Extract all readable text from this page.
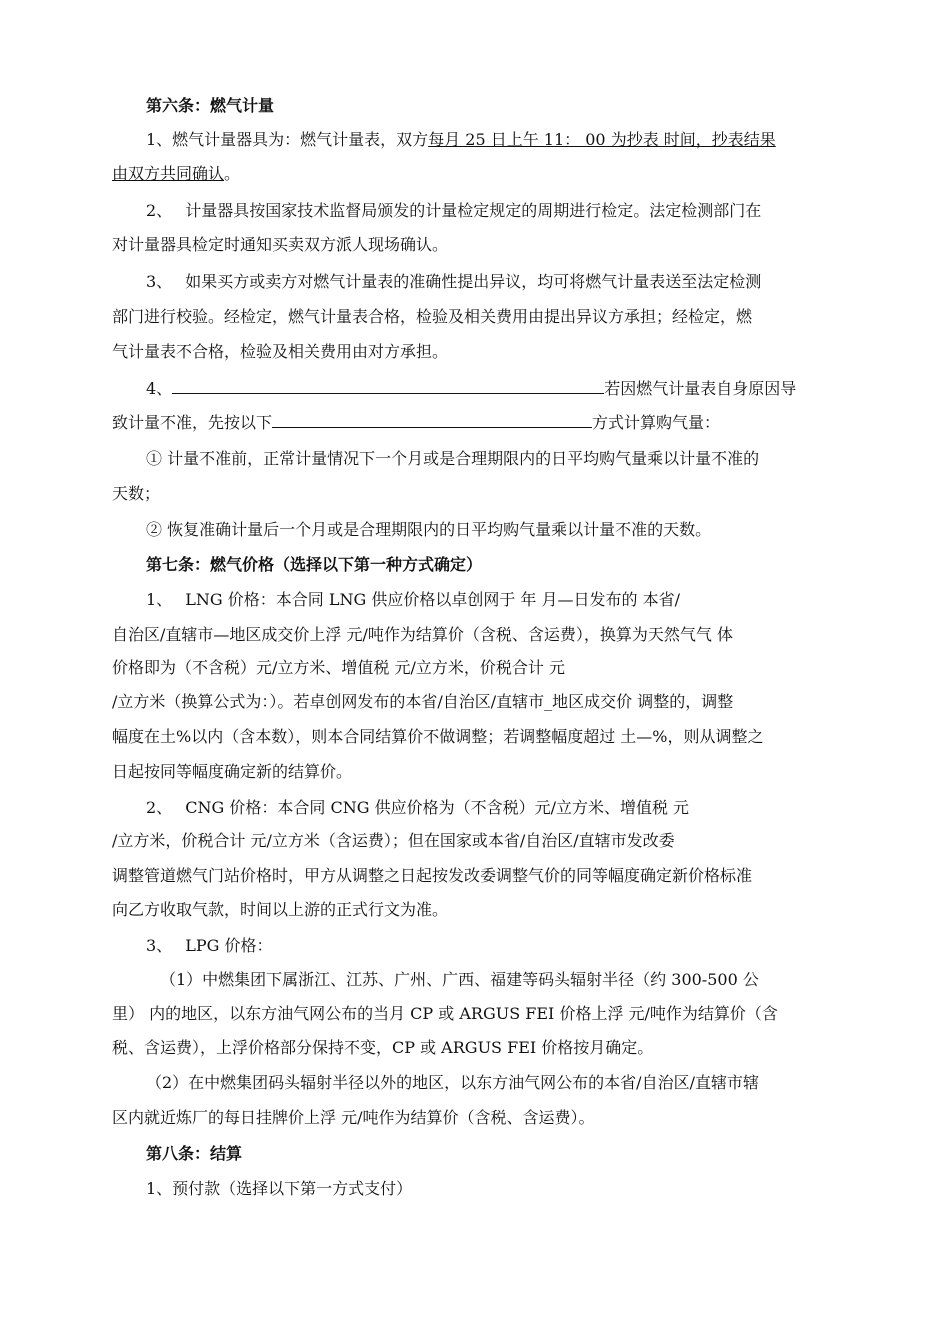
第六条：燃气计量
1、燃气计量器具为：燃气计量表，双方每月 25 日上午 11： 00 为抄表 时间，抄表结果
由双方共同确认。
2、　 计量器具按国家技术监督局颁发的计量检定规定的周期进行检定。法定检测部门在
对计量器具检定时通知买卖双方派人现场确认。
3、　 如果买方或卖方对燃气计量表的准确性提出异议，均可将燃气计量表送至法定检测
部门进行校验。经检定，燃气计量表合格，检验及相关费用由提出异议方承担；经检定，燃
气计量表不合格，检验及相关费用由对方承担。
4、	若因燃气计量表自身原因导
致计量不准，先按以下	方式计算购气量：
① 计量不准前，正常计量情况下一个月或是合理期限内的日平均购气量乘以计量不准的
天数；
② 恢复准确计量后一个月或是合理期限内的日平均购气量乘以计量不准的天数。
第七条：燃气价格（选择以下第一种方式确定）
1、　 LNG 价格：本合同 LNG 供应价格以卓创网于 年 月—日发布的 本省/
自治区/直辖市—地区成交价上浮 元/吨作为结算价（含税、含运费），换算为天然气气 体
价格即为（不含税）元/立方米、增值税 元/立方米，价税合计 元
/立方米（换算公式为：）。若卓创网发布的本省/自治区/直辖市_地区成交价 调整的，调整
幅度在土%以内（含本数），则本合同结算价不做调整；若调整幅度超过 土—%，则从调整之
日起按同等幅度确定新的结算价。
2、　 CNG 价格：本合同 CNG 供应价格为（不含税）元/立方米、增值税 元
/立方米，价税合计 元/立方米（含运费）；但在国家或本省/自治区/直辖市发改委
调整管道燃气门站价格时，甲方从调整之日起按发改委调整气价的同等幅度确定新价格标准
向乙方收取气款，时间以上游的正式行文为准。
3、　 LPG 价格：
（1）中燃集团下属浙江、江苏、广州、广西、福建等码头辐射半径（约 300-500 公
里） 内的地区，以东方油气网公布的当月 CP 或 ARGUS FEI 价格上浮 元/吨作为结算价（含
税、含运费），上浮价格部分保持不变，CP 或 ARGUS FEI 价格按月确定。
（2）在中燃集团码头辐射半径以外的地区，以东方油气网公布的本省/自治区/直辖市辖
区内就近炼厂的每日挂牌价上浮 元/吨作为结算价（含税、含运费）。
第八条：结算
1、预付款（选择以下第一方式支付）
